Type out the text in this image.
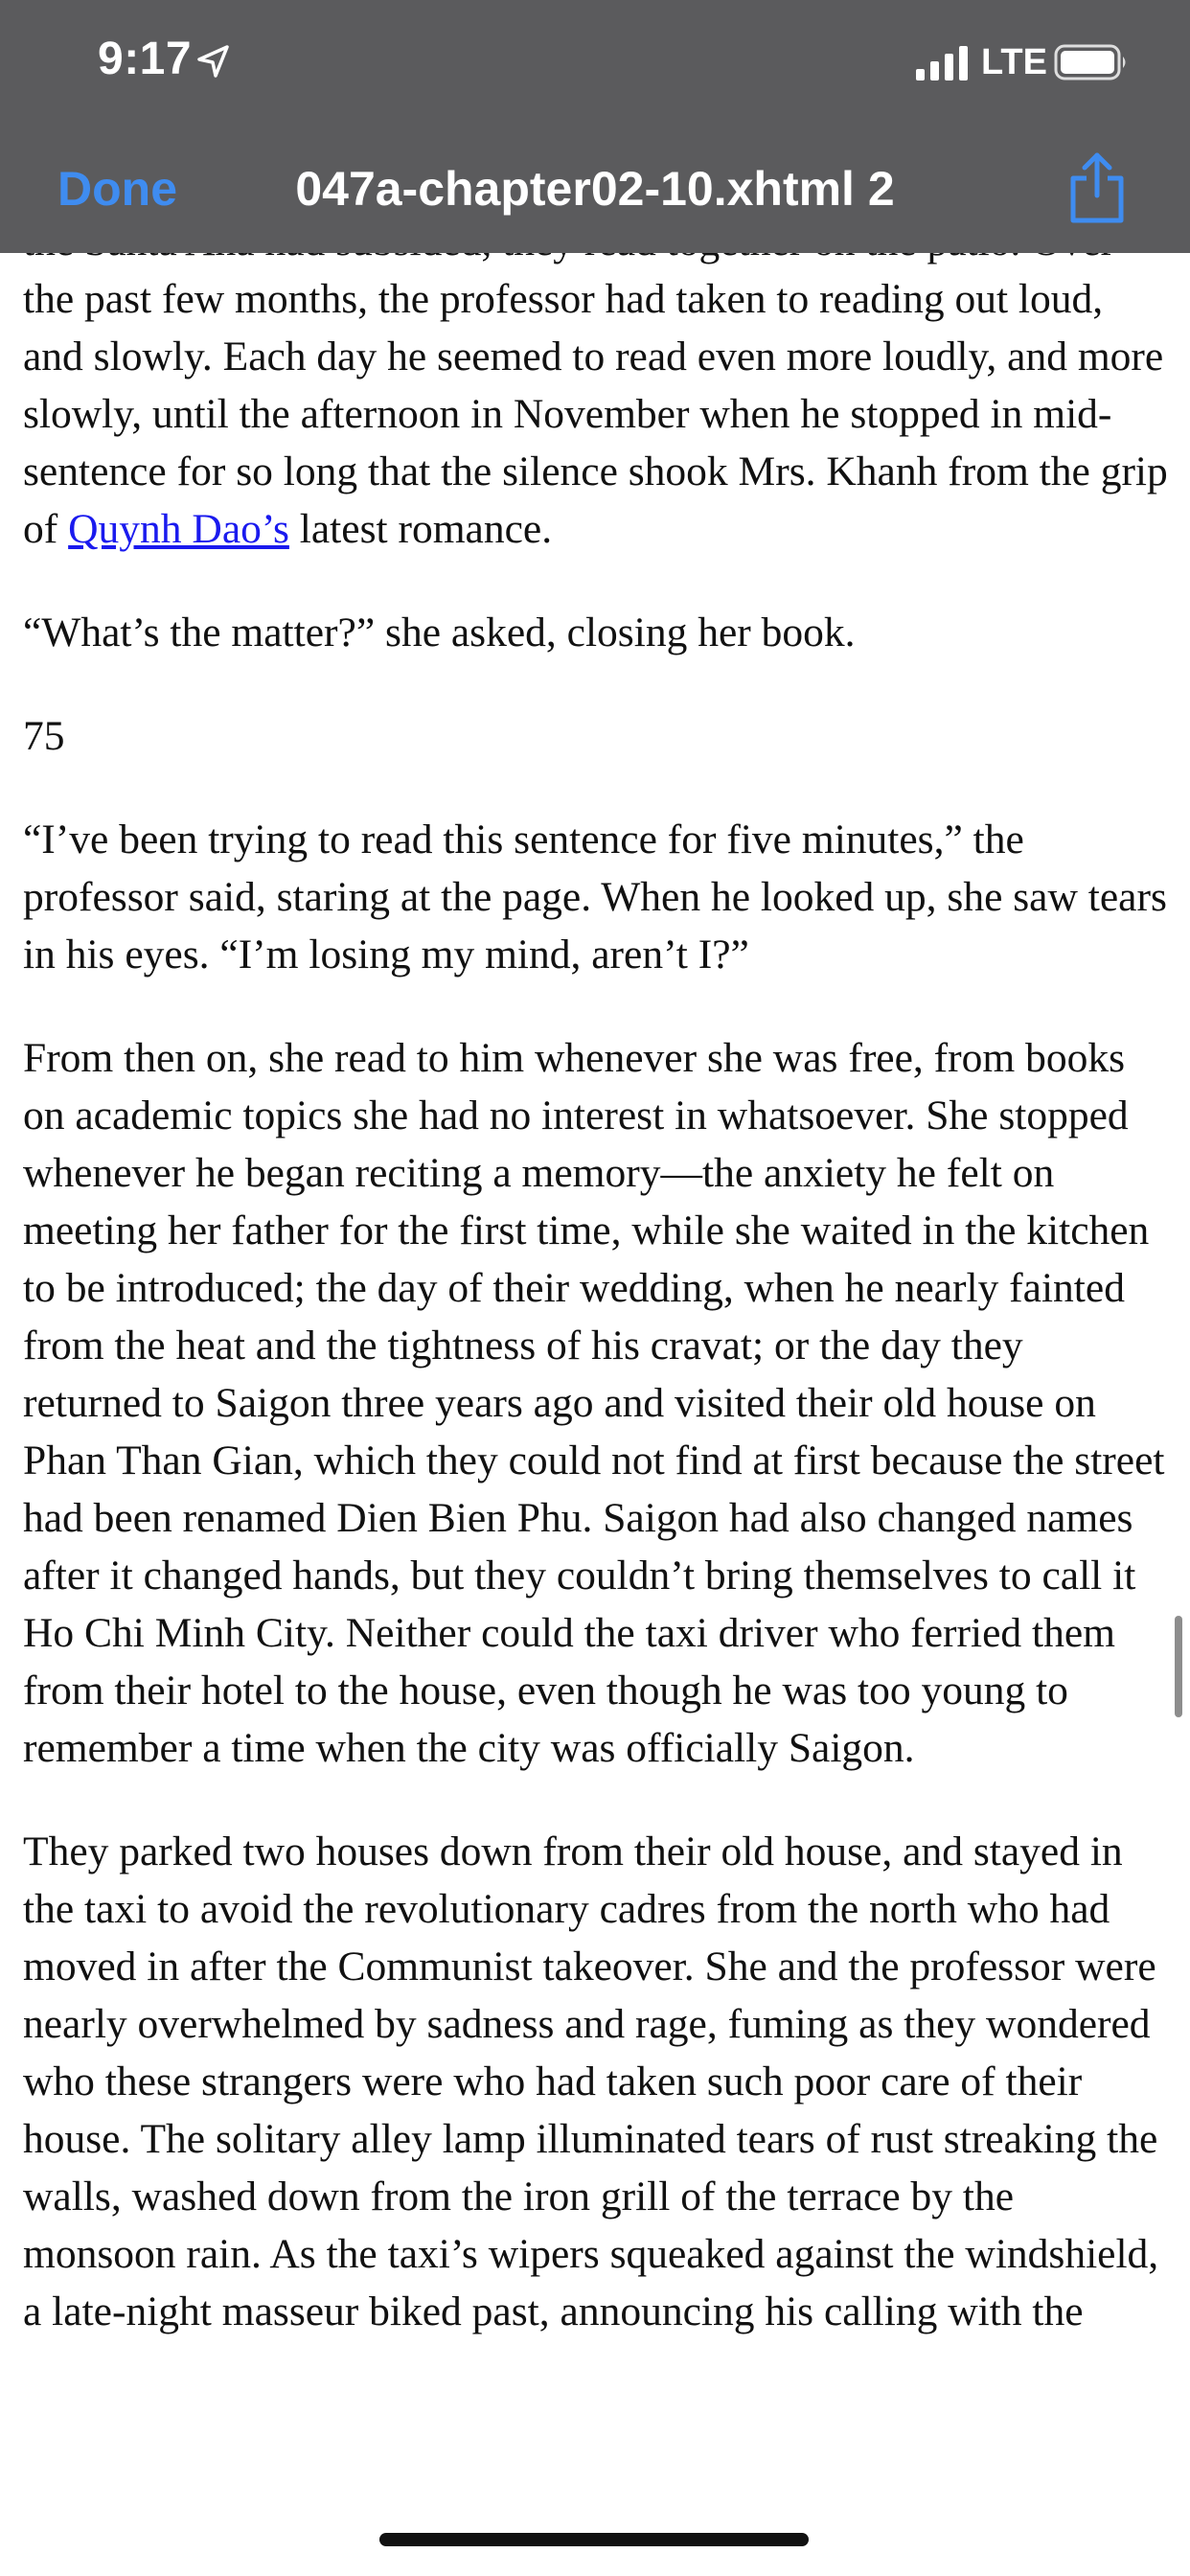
the past few months, the professor had taken to reading out loud, and slowly. Each day he seemed to read even more loudly, and more slowly, until the afternoon in November when he stopped in mid-sentence for so long that the silence shook Mrs. Khanh from the grip of Quynh Dao’s latest romance.

“What’s the matter?” she asked, closing her book.

75

“I’ve been trying to read this sentence for five minutes,” the professor said, staring at the page. When he looked up, she saw tears in his eyes. “I’m losing my mind, aren’t I?”

From then on, she read to him whenever she was free, from books on academic topics she had no interest in whatsoever. She stopped whenever he began reciting a memory—the anxiety he felt on meeting her father for the first time, while she waited in the kitchen to be introduced; the day of their wedding, when he nearly fainted from the heat and the tightness of his cravat; or the day they returned to Saigon three years ago and visited their old house on Phan Than Gian, which they could not find at first because the street had been renamed Dien Bien Phu. Saigon had also changed names after it changed hands, but they couldn’t bring themselves to call it Ho Chi Minh City. Neither could the taxi driver who ferried them from their hotel to the house, even though he was too young to remember a time when the city was officially Saigon.

They parked two houses down from their old house, and stayed in the taxi to avoid the revolutionary cadres from the north who had moved in after the Communist takeover. She and the professor were nearly overwhelmed by sadness and rage, fuming as they wondered who these strangers were who had taken such poor care of their house. The solitary alley lamp illuminated tears of rust streaking the walls, washed down from the iron grill of the terrace by the monsoon rain. As the taxi’s wipers squeaked against the windshield, a late-night masseur biked past, announcing his calling with the

9:17	LTE
047a-chapter02-10.xhtml 2
Done
